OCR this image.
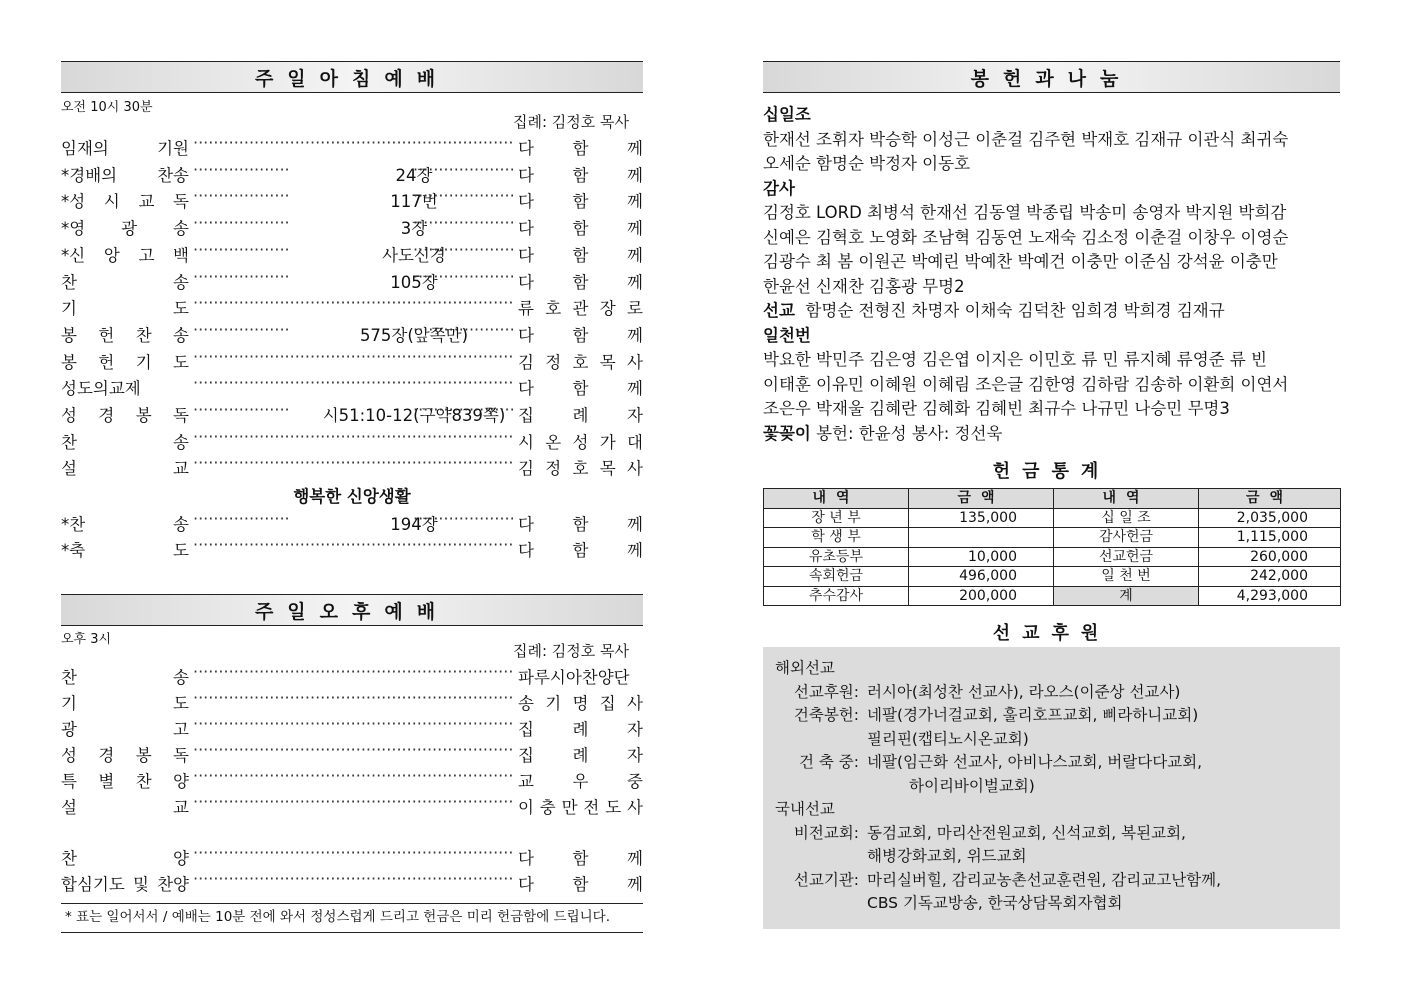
주일아침예배
오전 10시 30분
집례: 김정호 목사
임재의 기원 ·····	다 함 께
*경배의 찬송 ·····	24장 ·····	다 함 께
*성 시 교 독 ·····	117번 ·····	다 함 께
*영 광 송 ·····	3장 ·····	다 함 께
*신 앙 고 백 ·····	사도신경 ·····	다 함 께
찬 송 ·····	105장 ·····	다 함 께
기 도 ·····	류 호 관 장 로
봉 헌 찬 송 ·····	575장(앞쪽만) ·····	다 함 께
봉 헌 기 도 ·····	김 정 호 목 사
성도의교제 ·····	다 함 께
성 경 봉 독 ·····	시51:10-12(구약839쪽) ····· 집 례 자
찬 송 ·····	시 온 성 가 대
설 교 ·····	김 정 호 목 사
행복한 신앙생활
*찬 송 ·····	194장 ·····	다 함 께
*축 도 ·····	다 함 께
주일오후예배
오후 3시
집례: 김정호 목사
찬 송 ·····	파루시아찬양단
기 도 ·····	송 기 명 집 사
광 고 ·····	집 례 자
성 경 봉 독 ·····	집 례 자
특 별 찬 양 ·····	교 우 중
설 교 ·····	이 충 만 전 도 사
찬 양 ·····	다 함 께
합심기도 및 찬양 ·····	다 함 께
* 표는 일어서서 / 예배는 10분 전에 와서 정성스럽게 드리고 헌금은 미리 헌금함에 드립니다.
봉헌과나눔
십일조
한재선 조휘자 박승학 이성근 이춘걸 김주현 박재호 김재규 이관식 최귀숙
오세순 함명순 박정자 이동호
감사
김정호 LORD 최병석 한재선 김동열 박종립 박송미 송영자 박지원 박희감
신예은 김혁호 노영화 조남혁 김동연 노재숙 김소정 이춘걸 이창우 이영순
김광수 최 봄 이원곤 박예린 박예찬 박예건 이충만 이준심 강석윤 이충만
한윤선 신재찬 김홍광 무명2
선교 함명순 전형진 차명자 이채숙 김덕찬 임희경 박희경 김재규
일천번
박요한 박민주 김은영 김은엽 이지은 이민호 류 민 류지혜 류영준 류 빈
이태훈 이유민 이혜원 이혜림 조은글 김한영 김하람 김송하 이환희 이연서
조은우 박재울 김혜란 김혜화 김혜빈 최규수 나규민 나승민 무명3
꽃꽂이 봉헌: 한윤성 봉사: 정선욱
헌금통계
내역	금액	내역	금액
장 년 부	135,000	십 일 조	2,035,000
학 생 부		감사헌금	1,115,000
유초등부	10,000	선교헌금	260,000
속회헌금	496,000	일 천 번	242,000
추수감사	200,000	계	4,293,000
선교후원
해외선교
선교후원: 러시아(최성찬 선교사), 라오스(이준상 선교사)
건축봉헌: 네팔(경가너걸교회, 훌리호프교회, 삐라하니교회)
필리핀(캡티노시온교회)
건 축 중: 네팔(임근화 선교사, 아비나스교회, 버랄다다교회,
하이리바이벌교회)
국내선교
비전교회: 동검교회, 마리산전원교회, 신석교회, 복된교회,
해병강화교회, 위드교회
선교기관: 마리실버힐, 감리교농촌선교훈련원, 감리교고난함께,
CBS 기독교방송, 한국상담목회자협회
